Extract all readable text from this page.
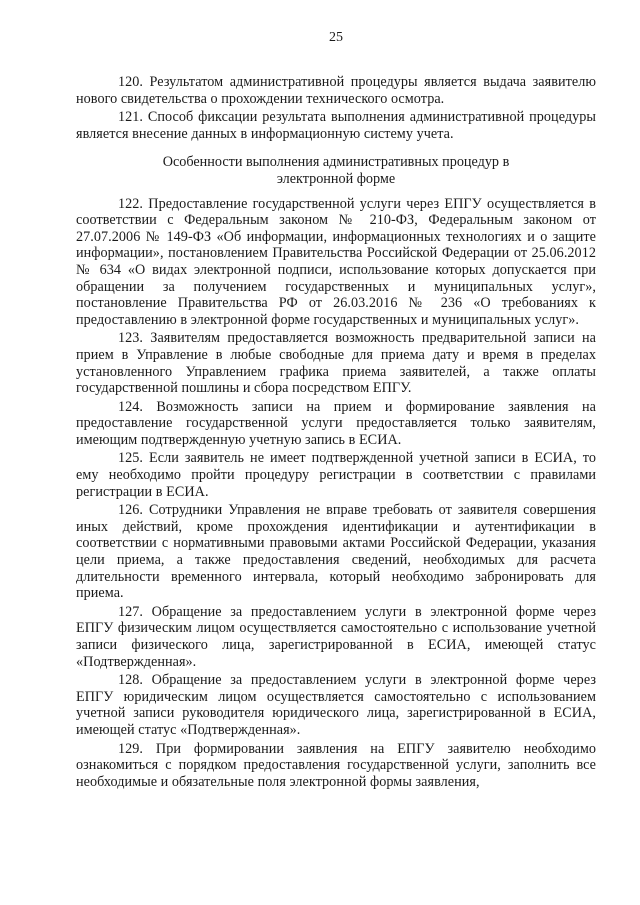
25

120. Результатом административной процедуры является выдача заявителю нового свидетельства о прохождении технического осмотра.

121. Способ фиксации результата выполнения административной процедуры является внесение данных в информационную систему учета.

Особенности выполнения административных процедур в
электронной форме

122. Предоставление государственной услуги через ЕПГУ осуществляется в соответствии с Федеральным законом № 210-ФЗ, Федеральным законом от 27.07.2006 № 149-ФЗ «Об информации, информационных технологиях и о защите информации», постановлением Правительства Российской Федерации от 25.06.2012 № 634 «О видах электронной подписи, использование которых допускается при обращении за получением государственных и муниципальных услуг», постановление Правительства РФ от 26.03.2016 № 236 «О требованиях к предоставлению в электронной форме государственных и муниципальных услуг».

123. Заявителям предоставляется возможность предварительной записи на прием в Управление в любые свободные для приема дату и время в пределах установленного Управлением графика приема заявителей, а также оплаты государственной пошлины и сбора посредством ЕПГУ.

124. Возможность записи на прием и формирование заявления на предоставление государственной услуги предоставляется только заявителям, имеющим подтвержденную учетную запись в ЕСИА.

125. Если заявитель не имеет подтвержденной учетной записи в ЕСИА, то ему необходимо пройти процедуру регистрации в соответствии с правилами регистрации в ЕСИА.

126. Сотрудники Управления не вправе требовать от заявителя совершения иных действий, кроме прохождения идентификации и аутентификации в соответствии с нормативными правовыми актами Российской Федерации, указания цели приема, а также предоставления сведений, необходимых для расчета длительности временного интервала, который необходимо забронировать для приема.

127. Обращение за предоставлением услуги в электронной форме через ЕПГУ физическим лицом осуществляется самостоятельно с использование учетной записи физического лица, зарегистрированной в ЕСИА, имеющей статус «Подтвержденная».

128. Обращение за предоставлением услуги в электронной форме через ЕПГУ юридическим лицом осуществляется самостоятельно с использованием учетной записи руководителя юридического лица, зарегистрированной в ЕСИА, имеющей статус «Подтвержденная».

129. При формировании заявления на ЕПГУ заявителю необходимо ознакомиться с порядком предоставления государственной услуги, заполнить все необходимые и обязательные поля электронной формы заявления,
